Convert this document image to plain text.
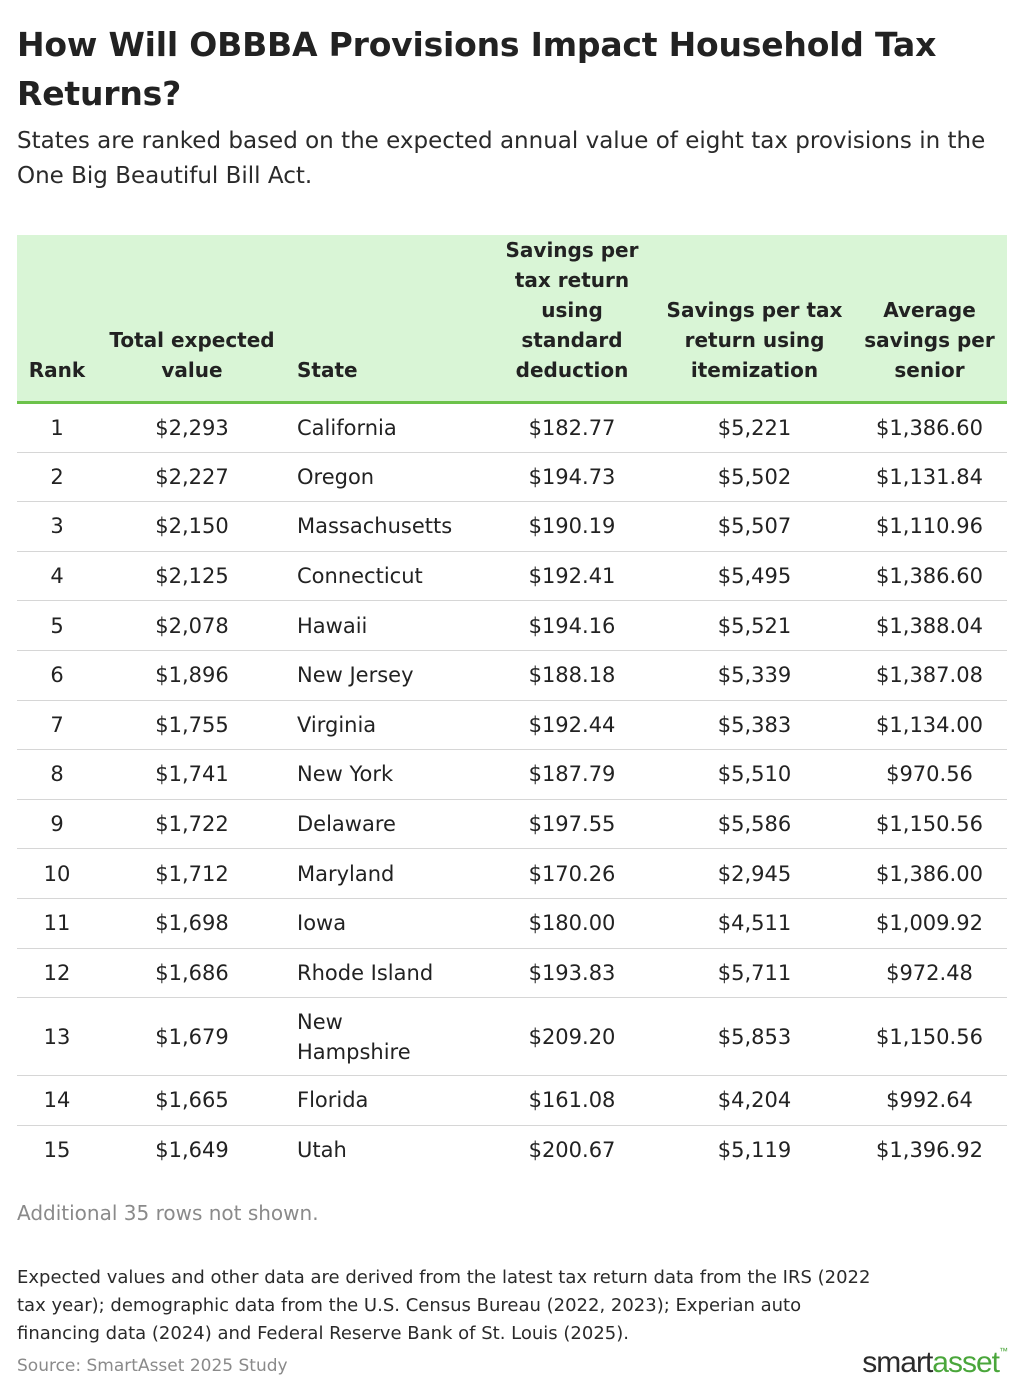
How Will OBBBA Provisions Impact Household Tax Returns?

States are ranked based on the expected annual value of eight tax provisions in the One Big Beautiful Bill Act.

Rank	Total expected value	State	Savings per tax return using standard deduction	Savings per tax return using itemization	Average savings per senior
1	$2,293	California	$182.77	$5,221	$1,386.60
2	$2,227	Oregon	$194.73	$5,502	$1,131.84
3	$2,150	Massachusetts	$190.19	$5,507	$1,110.96
4	$2,125	Connecticut	$192.41	$5,495	$1,386.60
5	$2,078	Hawaii	$194.16	$5,521	$1,388.04
6	$1,896	New Jersey	$188.18	$5,339	$1,387.08
7	$1,755	Virginia	$192.44	$5,383	$1,134.00
8	$1,741	New York	$187.79	$5,510	$970.56
9	$1,722	Delaware	$197.55	$5,586	$1,150.56
10	$1,712	Maryland	$170.26	$2,945	$1,386.00
11	$1,698	Iowa	$180.00	$4,511	$1,009.92
12	$1,686	Rhode Island	$193.83	$5,711	$972.48
13	$1,679	New Hampshire	$209.20	$5,853	$1,150.56
14	$1,665	Florida	$161.08	$4,204	$992.64
15	$1,649	Utah	$200.67	$5,119	$1,396.92
Additional 35 rows not shown.
Expected values and other data are derived from the latest tax return data from the IRS (2022 tax year); demographic data from the U.S. Census Bureau (2022, 2023); Experian auto financing data (2024) and Federal Reserve Bank of St. Louis (2025).
Source: SmartAsset 2025 Study	smartasset™
